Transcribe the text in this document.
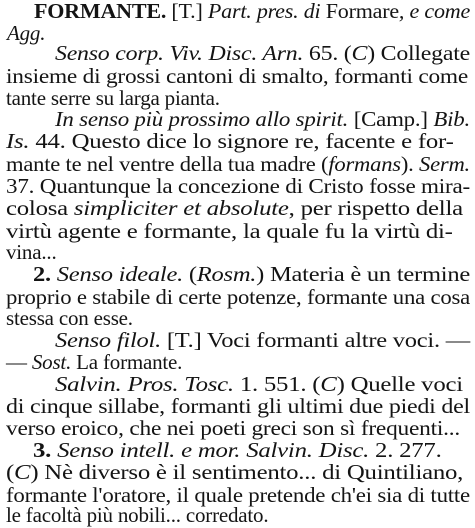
FORMANTE. [T.] Part. pres. di Formare, e come
Agg.
Senso corp. Viv. Disc. Arn. 65. (C) Collegate
insieme di grossi cantoni di smalto, formanti come
tante serre su larga pianta.
In senso più prossimo allo spirit. [Camp.] Bib.
Is. 44. Questo dice lo signore re, facente e for-
mante te nel ventre della tua madre (formans). Serm.
37. Quantunque la concezione di Cristo fosse mira-
colosa simpliciter et absolute, per rispetto della
virtù agente e formante, la quale fu la virtù di-
vina...
2. Senso ideale. (Rosm.) Materia è un termine
proprio e stabile di certe potenze, formante una cosa
stessa con esse.
Senso filol. [T.] Voci formanti altre voci. —
— Sost. La formante.
Salvin. Pros. Tosc. 1. 551. (C) Quelle voci
di cinque sillabe, formanti gli ultimi due piedi del
verso eroico, che nei poeti greci son sì frequenti...
3. Senso intell. e mor. Salvin. Disc. 2. 277.
(C) Nè diverso è il sentimento... di Quintiliano,
formante l'oratore, il quale pretende ch'ei sia di tutte
le facoltà più nobili... corredato.
